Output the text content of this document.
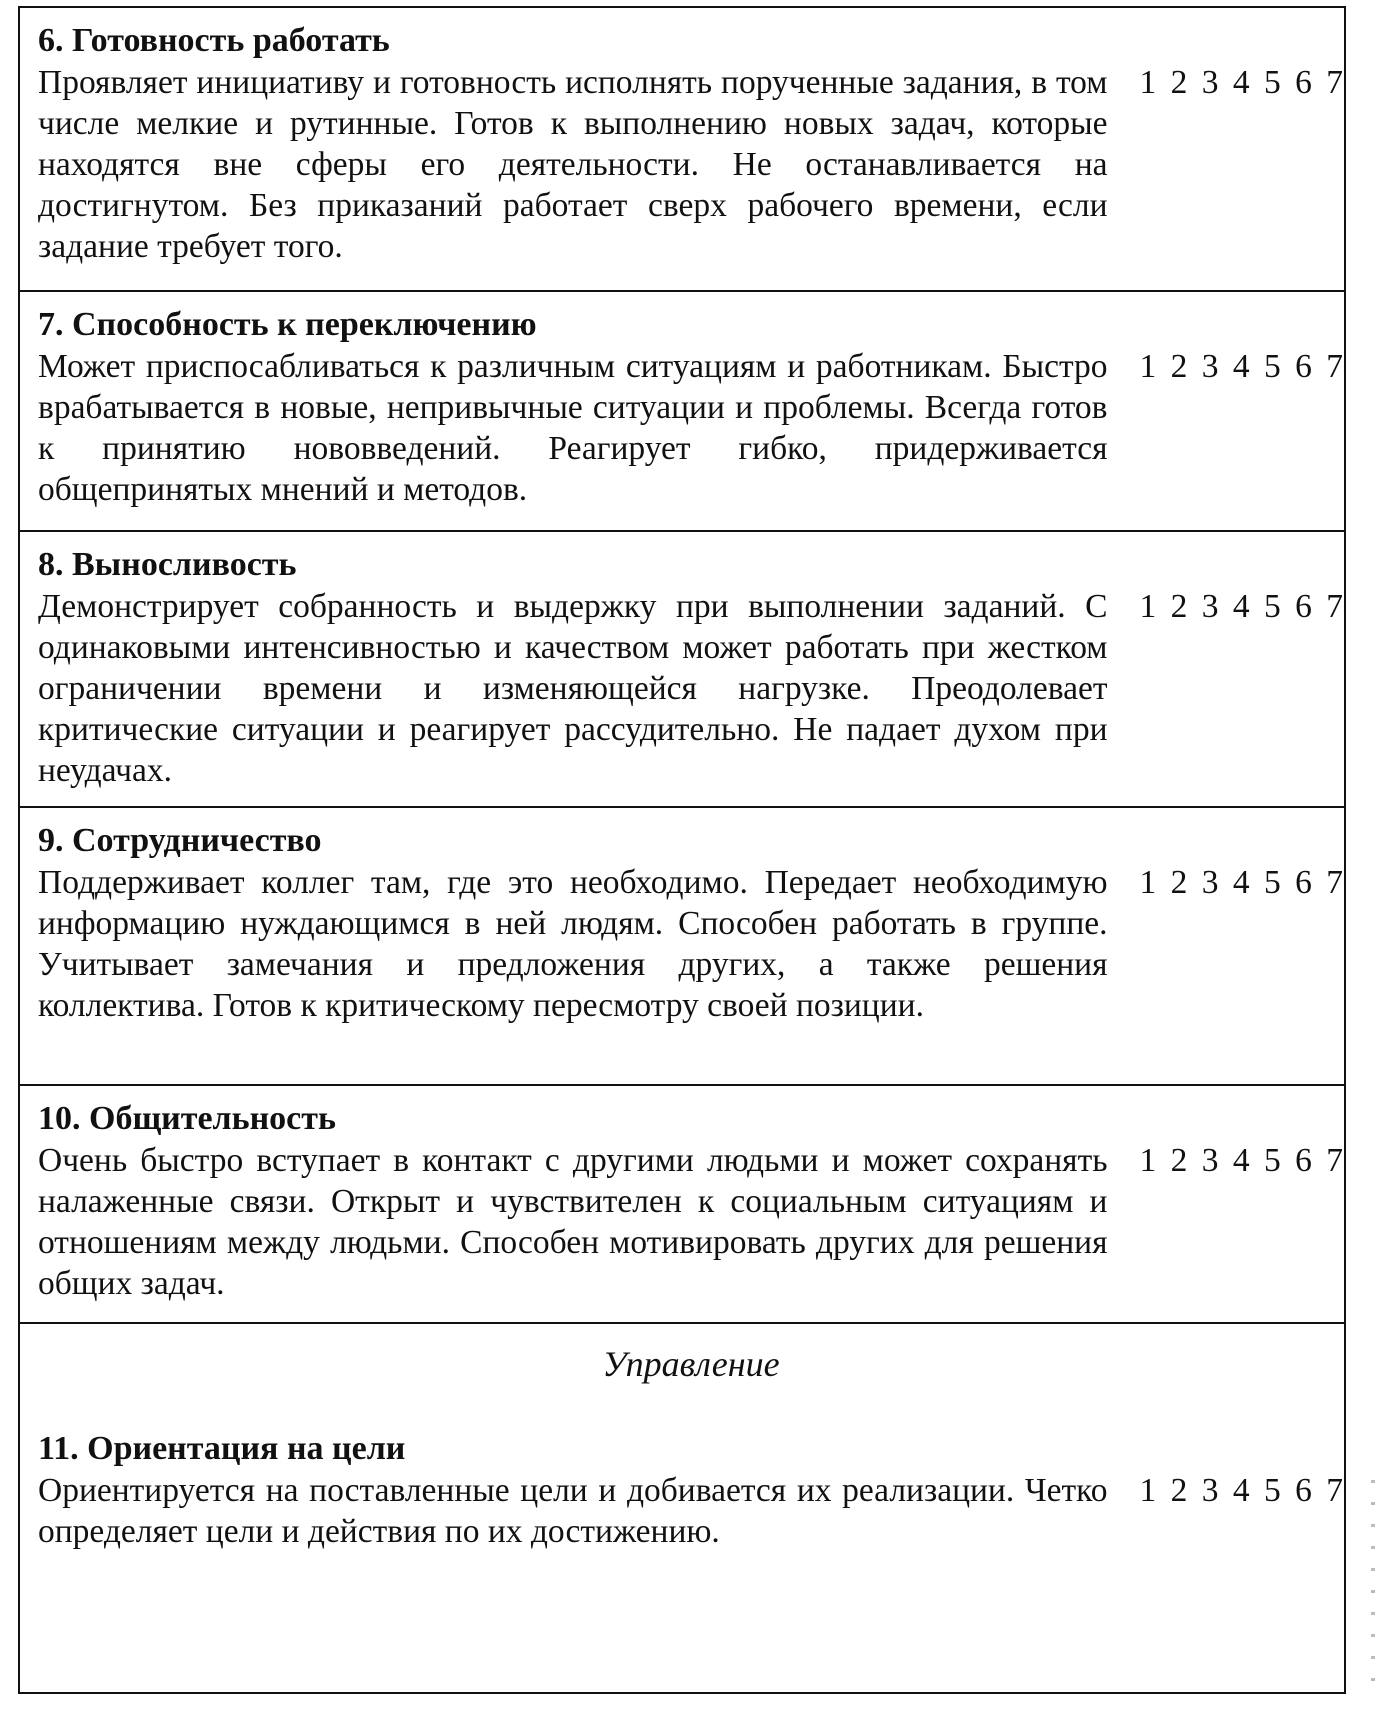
6. Готовность работать

Проявляет инициативу и готовность исполнять порученные задания, в том числе мелкие и рутинные. Готов к выполнению новых задач, которые находятся вне сферы его деятельности. Не останавливается на достигнутом. Без приказаний работает сверх рабочего времени, если задание требует того.

1 2 3 4 5 6 7

7. Способность к переключению

Может приспосабливаться к различным ситуациям и работникам. Быстро врабатывается в новые, непривычные ситуации и проблемы. Всегда готов к принятию нововведений. Реагирует гибко, придерживается общепринятых мнений и методов.

1 2 3 4 5 6 7

8. Выносливость

Демонстрирует собранность и выдержку при выполнении заданий. С одинаковыми интенсивностью и качеством может работать при жестком ограничении времени и изменяющейся нагрузке. Преодолевает критические ситуации и реагирует рассудительно. Не падает духом при неудачах.

1 2 3 4 5 6 7

9. Сотрудничество

Поддерживает коллег там, где это необходимо. Передает необходимую информацию нуждающимся в ней людям. Способен работать в группе. Учитывает замечания и предложения других, а также решения коллектива. Готов к критическому пересмотру своей позиции.

1 2 3 4 5 6 7

10. Общительность

Очень быстро вступает в контакт с другими людьми и может сохранять налаженные связи. Открыт и чувствителен к социальным ситуациям и отношениям между людьми. Способен мотивировать других для решения общих задач.

1 2 3 4 5 6 7

Управление

11. Ориентация на цели

Ориентируется на поставленные цели и добивается их реализации. Четко определяет цели и действия по их достижению.

1 2 3 4 5 6 7
